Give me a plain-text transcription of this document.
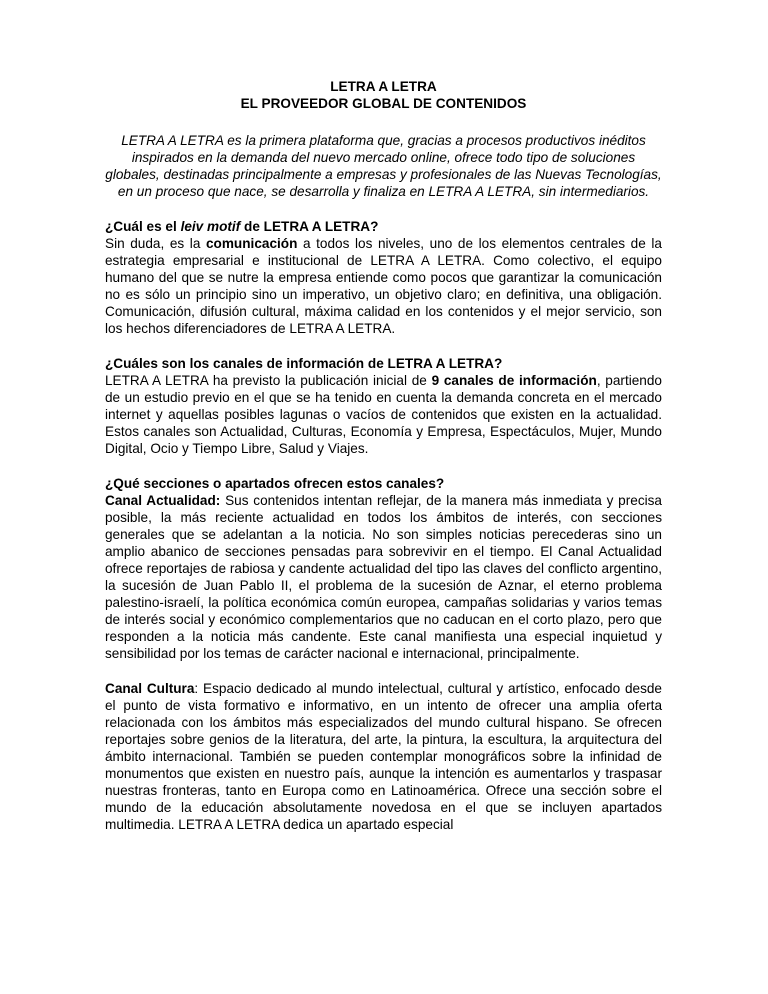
LETRA A LETRA
EL PROVEEDOR GLOBAL DE CONTENIDOS

LETRA A LETRA es la primera plataforma que, gracias a procesos productivos inéditos inspirados en la demanda del nuevo mercado online, ofrece todo tipo de soluciones globales, destinadas principalmente a empresas y profesionales de las Nuevas Tecnologías, en un proceso que nace, se desarrolla y finaliza en LETRA A LETRA, sin intermediarios.

¿Cuál es el leiv motif de LETRA A LETRA?

Sin duda, es la comunicación a todos los niveles, uno de los elementos centrales de la estrategia empresarial e institucional de LETRA A LETRA. Como colectivo, el equipo humano del que se nutre la empresa entiende como pocos que garantizar la comunicación no es sólo un principio sino un imperativo, un objetivo claro; en definitiva, una obligación. Comunicación, difusión cultural, máxima calidad en los contenidos y el mejor servicio, son los hechos diferenciadores de LETRA A LETRA.

¿Cuáles son los canales de información de LETRA A LETRA?

LETRA A LETRA ha previsto la publicación inicial de 9 canales de información, partiendo de un estudio previo en el que se ha tenido en cuenta la demanda concreta en el mercado internet y aquellas posibles lagunas o vacíos de contenidos que existen en la actualidad. Estos canales son Actualidad, Culturas, Economía y Empresa, Espectáculos, Mujer, Mundo Digital, Ocio y Tiempo Libre, Salud y Viajes.

¿Qué secciones o apartados ofrecen estos canales?

Canal Actualidad: Sus contenidos intentan reflejar, de la manera más inmediata y precisa posible, la más reciente actualidad en todos los ámbitos de interés, con secciones generales que se adelantan a la noticia. No son simples noticias perecederas sino un amplio abanico de secciones pensadas para sobrevivir en el tiempo. El Canal Actualidad ofrece reportajes de rabiosa y candente actualidad del tipo las claves del conflicto argentino, la sucesión de Juan Pablo II, el problema de la sucesión de Aznar, el eterno problema palestino-israelí, la política económica común europea, campañas solidarias y varios temas de interés social y económico complementarios que no caducan en el corto plazo, pero que responden a la noticia más candente. Este canal manifiesta una especial inquietud y sensibilidad por los temas de carácter nacional e internacional, principalmente.

Canal Cultura: Espacio dedicado al mundo intelectual, cultural y artístico, enfocado desde el punto de vista formativo e informativo, en un intento de ofrecer una amplia oferta relacionada con los ámbitos más especializados del mundo cultural hispano. Se ofrecen reportajes sobre genios de la literatura, del arte, la pintura, la escultura, la arquitectura del ámbito internacional. También se pueden contemplar monográficos sobre la infinidad de monumentos que existen en nuestro país, aunque la intención es aumentarlos y traspasar nuestras fronteras, tanto en Europa como en Latinoamérica. Ofrece una sección sobre el mundo de la educación absolutamente novedosa en el que se incluyen apartados multimedia. LETRA A LETRA dedica un apartado especial
